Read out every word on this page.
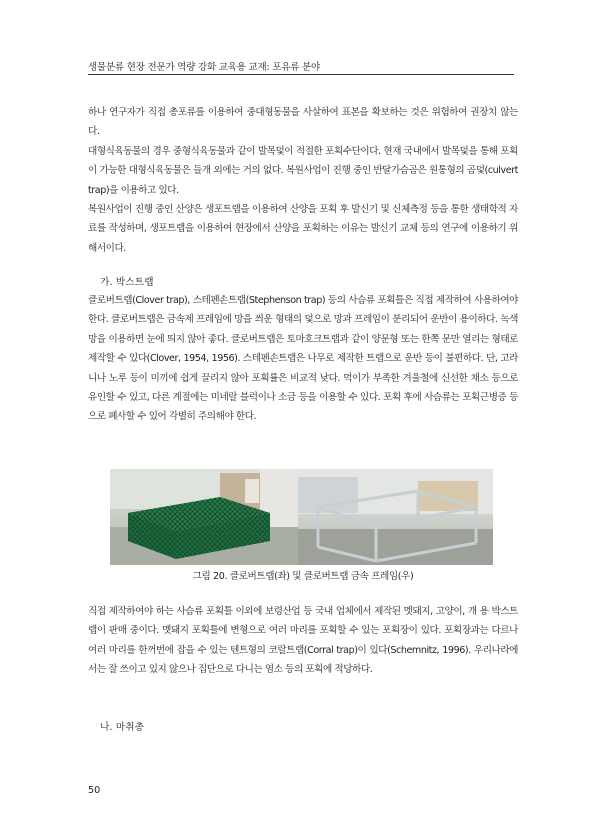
생물분류 현장 전문가 역량 강화 교육용 교재: 포유류 분야

하나 연구자가 직접 총포류를 이용하여 중대형동물을 사살하여 표본을 확보하는 것은 위험하여 권장치 않는다.

대형식육동물의 경우 중형식육동물과 같이 발목덫이 적절한 포획수단이다. 현재 국내에서 발목덫을 통해 포획이 가능한 대형식육동물은 들개 외에는 거의 없다. 복원사업이 진행 중인 반달가슴곰은 원통형의 곰덫(culvert trap)을 이용하고 있다.

복원사업이 진행 중인 산양은 생포트랩을 이용하여 산양을 포획 후 발신기 및 신체측정 등을 통한 생태학적 자료를 작성하며, 생포트랩을 이용하여 현장에서 산양을 포획하는 이유는 발신기 교체 등의 연구에 이용하기 위해서이다.

가. 박스트랩

클로버트랩(Clover trap), 스테펜손트랩(Stephenson trap) 등의 사슴류 포획틀은 직접 제작하여 사용하여야 한다. 클로버트랩은 금속제 프레임에 망을 씌운 형태의 덫으로 망과 프레임이 분리되어 운반이 용이하다. 녹색망을 이용하면 눈에 띄지 않아 좋다. 클로버트랩은 토마호크트랩과 같이 양문형 또는 한쪽 문만 열리는 형태로 제작할 수 있다(Clover, 1954, 1956). 스테펜손트랩은 나무로 제작한 트랩으로 운반 등이 불편하다. 단, 고라니나 노루 등이 미끼에 쉽게 끌리지 않아 포획률은 비교적 낮다. 먹이가 부족한 겨울철에 신선한 채소 등으로 유인할 수 있고, 다른 계절에는 미네랄 블럭이나 소금 등을 이용할 수 있다. 포획 후에 사슴류는 포획근병증 등으로 폐사할 수 있어 각별히 주의해야 한다.

그림 20. 클로버트랩(좌) 및 클로버트랩 금속 프레임(우)

직접 제작하여야 하는 사슴류 포획틀 이외에 보령산업 등 국내 업체에서 제작된 멧돼지, 고양이, 개 용 박스트랩이 판매 중이다. 멧돼지 포획틀에 변형으로 여러 마리를 포획할 수 있는 포획장이 있다. 포획장과는 다르나 여러 마리를 한꺼번에 잡을 수 있는 텐트형의 코랄트랩(Corral trap)이 있다(Schemnitz, 1996). 우리나라에서는 잘 쓰이고 있지 않으나 집단으로 다니는 염소 등의 포획에 적당하다.

나. 마취총
50
